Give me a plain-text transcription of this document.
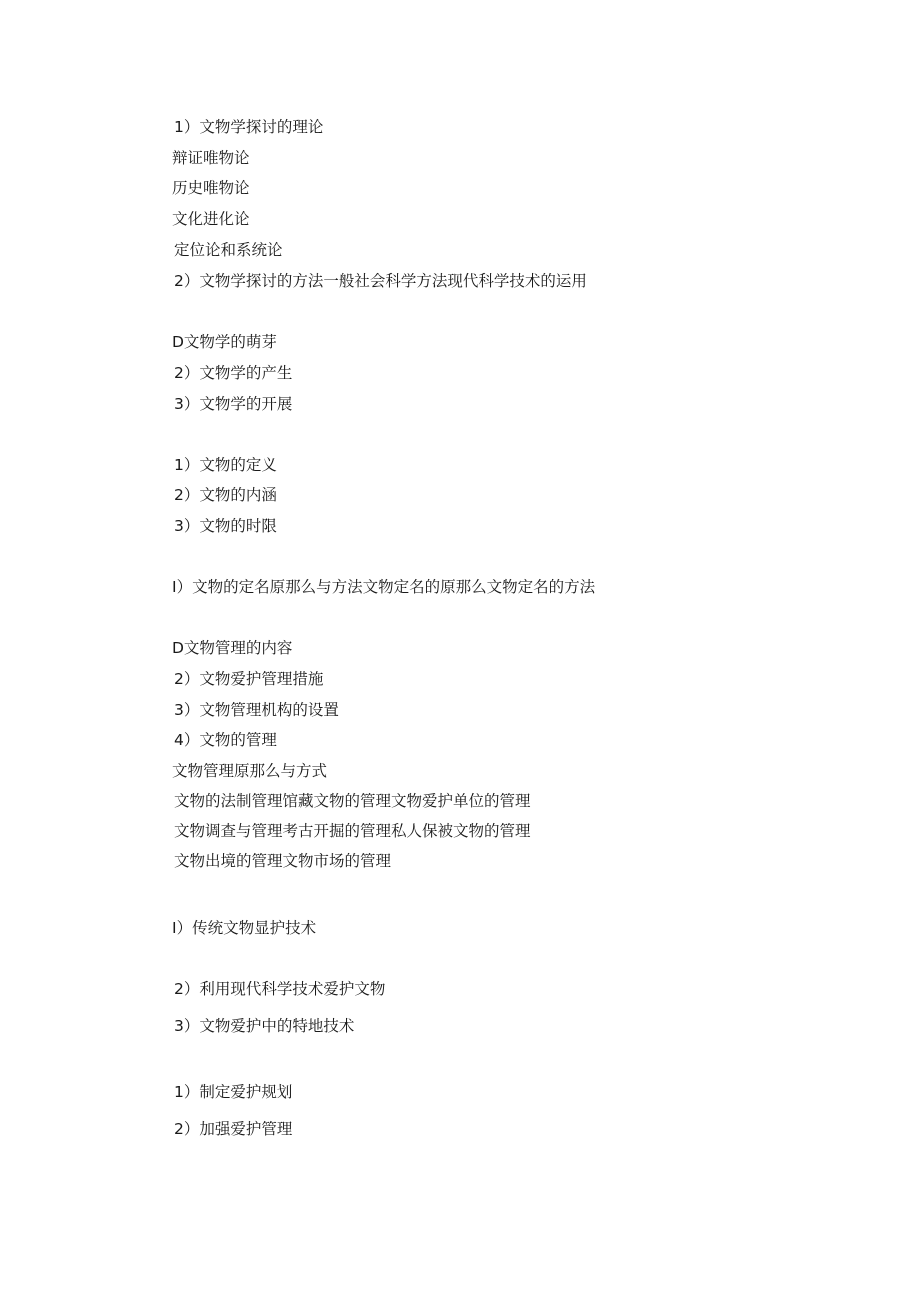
1）文物学探讨的理论
辩证唯物论
历史唯物论
文化进化论
定位论和系统论
2）文物学探讨的方法一般社会科学方法现代科学技术的运用
D文物学的萌芽
2）文物学的产生
3）文物学的开展
1）文物的定义
2）文物的内涵
3）文物的时限
I）文物的定名原那么与方法文物定名的原那么文物定名的方法
D文物管理的内容
2）文物爱护管理措施
3）文物管理机构的设置
4）文物的管理
文物管理原那么与方式
文物的法制管理馆藏文物的管理文物爱护单位的管理
文物调查与管理考古开掘的管理私人保被文物的管理
文物出境的管理文物市场的管理
I）传统文物显护技术
2）利用现代科学技术爱护文物
3）文物爱护中的特地技术
1）制定爱护规划
2）加强爱护管理
